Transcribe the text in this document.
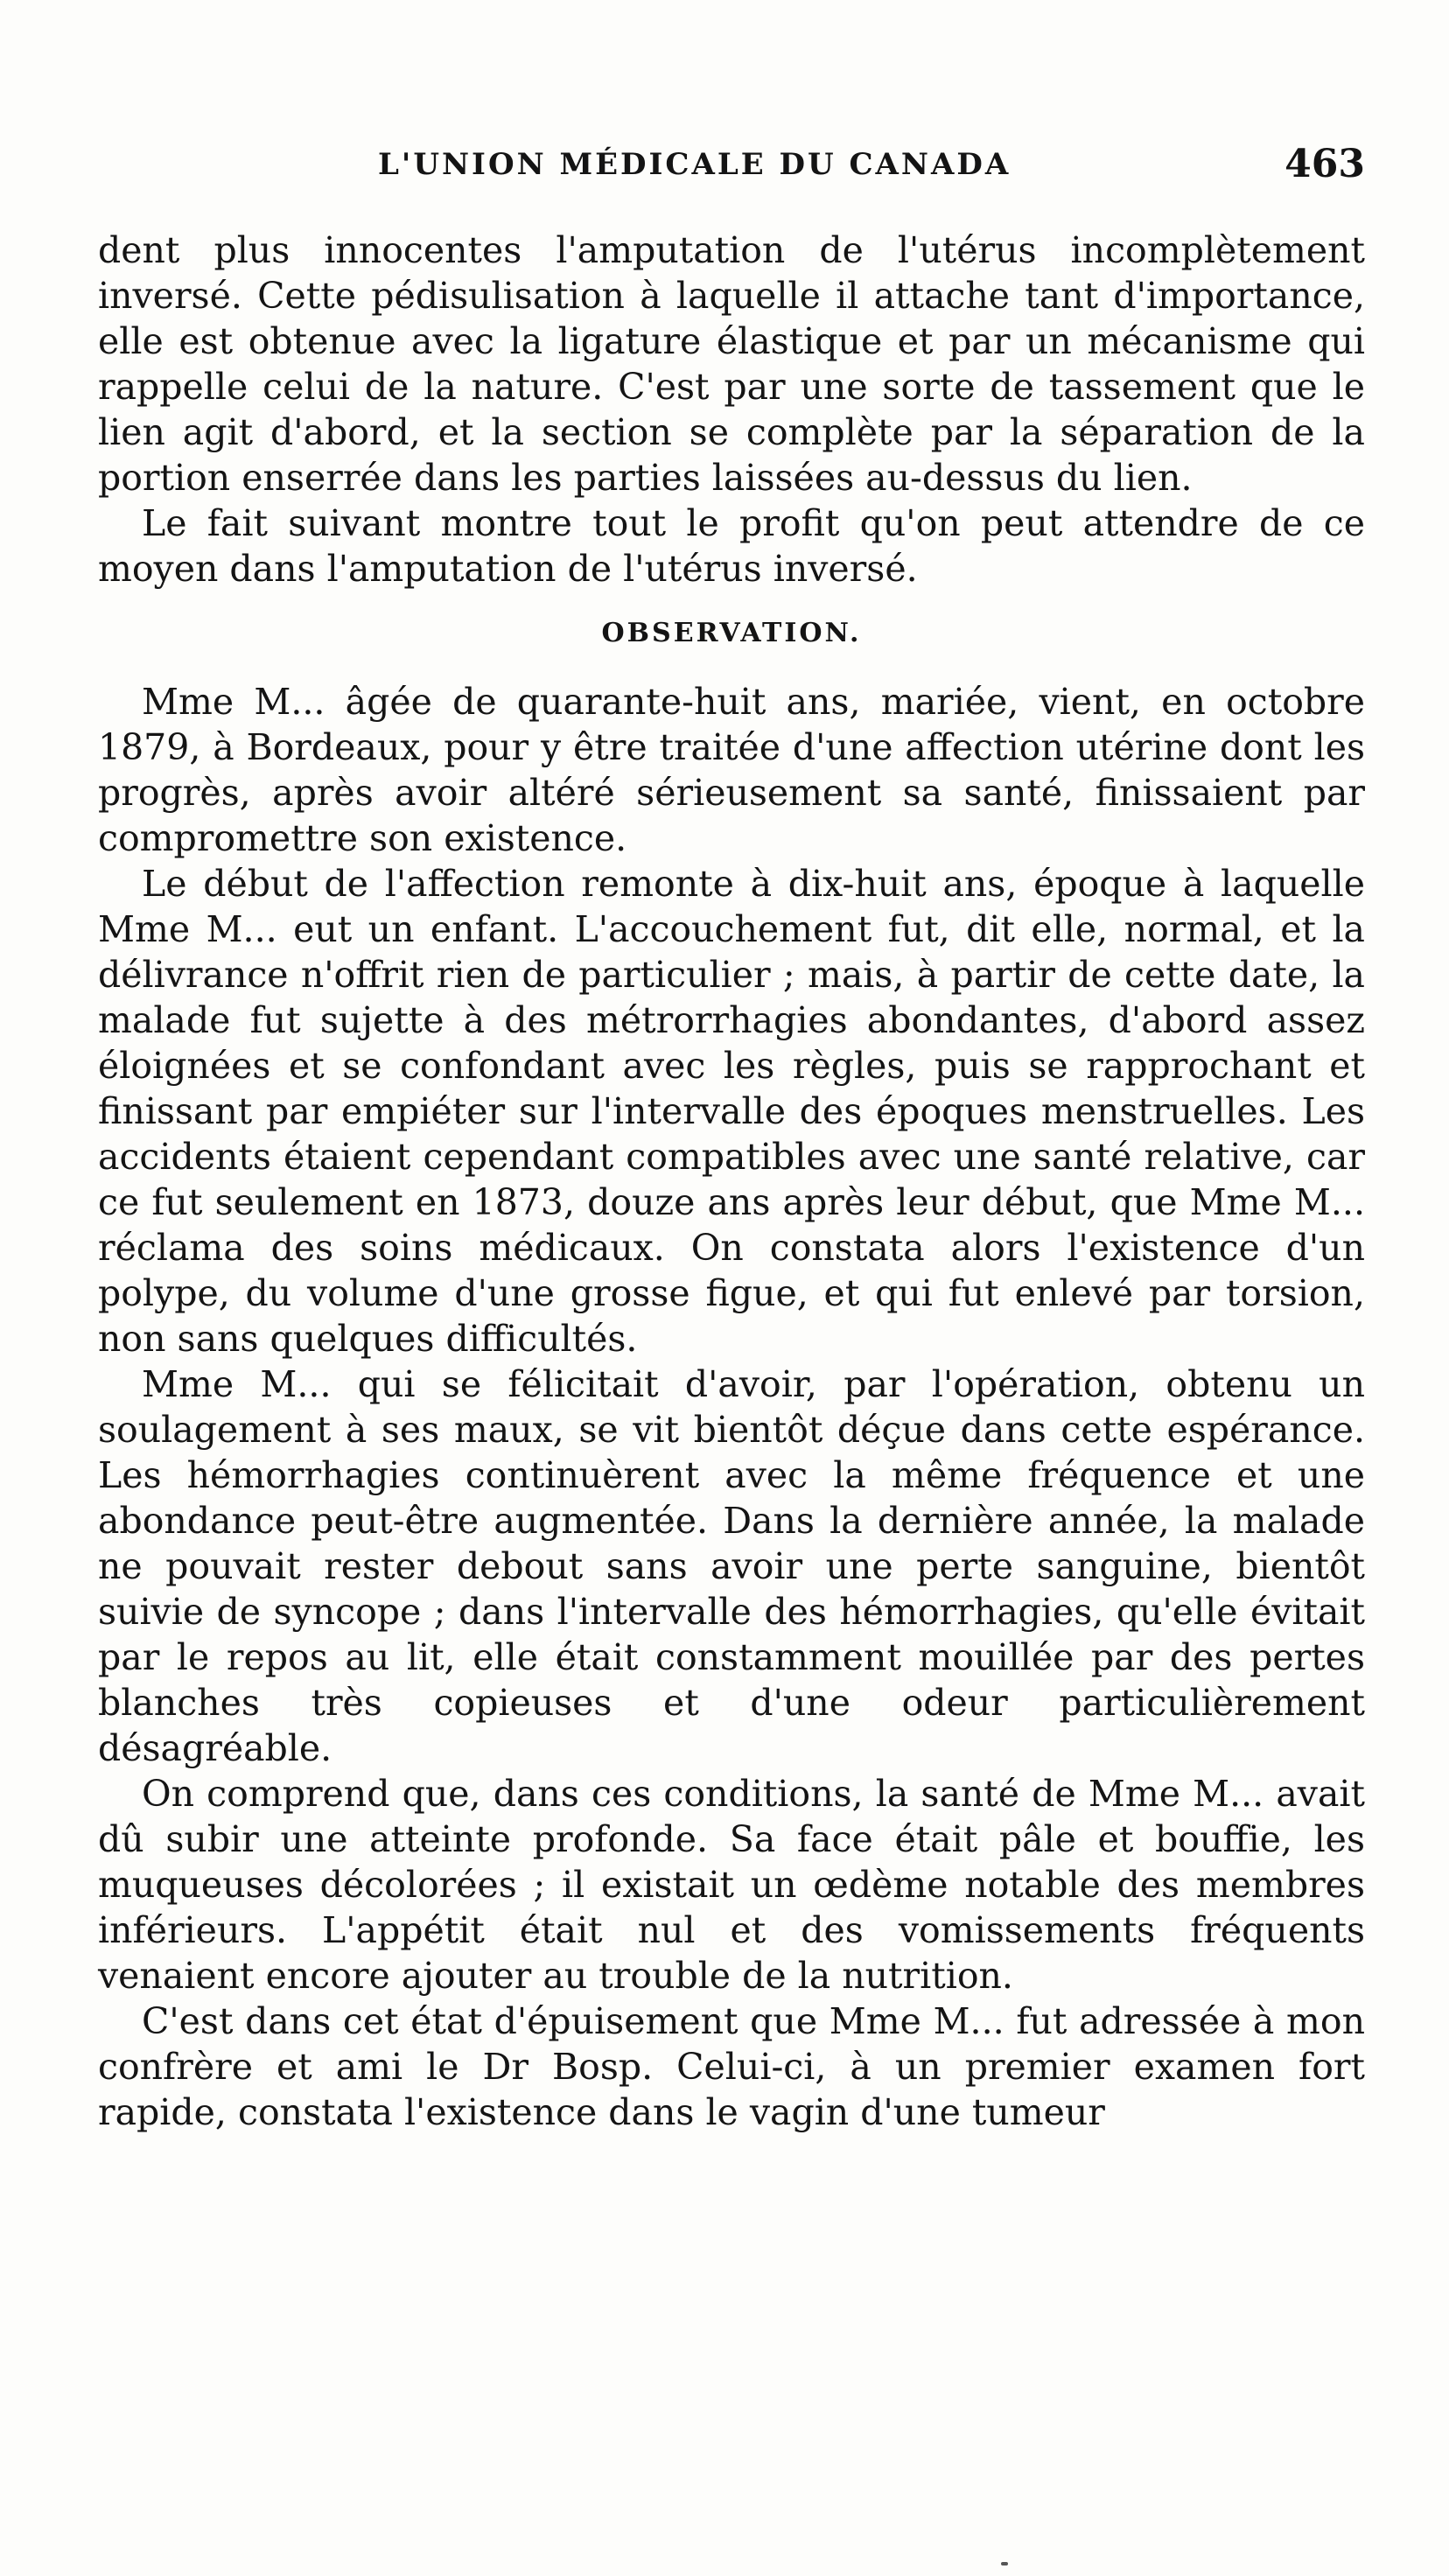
L'UNION MÉDICALE DU CANADA	463

dent plus innocentes l'amputation de l'utérus incomplètement inversé. Cette pédisulisation à laquelle il attache tant d'importance, elle est obtenue avec la ligature élastique et par un mécanisme qui rappelle celui de la nature. C'est par une sorte de tassement que le lien agit d'abord, et la section se complète par la séparation de la portion enserrée dans les parties laissées au-dessus du lien.

Le fait suivant montre tout le profit qu'on peut attendre de ce moyen dans l'amputation de l'utérus inversé.

OBSERVATION.

Mme M... âgée de quarante-huit ans, mariée, vient, en octobre 1879, à Bordeaux, pour y être traitée d'une affection utérine dont les progrès, après avoir altéré sérieusement sa santé, finissaient par compromettre son existence.

Le début de l'affection remonte à dix-huit ans, époque à laquelle Mme M... eut un enfant. L'accouchement fut, dit elle, normal, et la délivrance n'offrit rien de particulier ; mais, à partir de cette date, la malade fut sujette à des métrorrhagies abondantes, d'abord assez éloignées et se confondant avec les règles, puis se rapprochant et finissant par empiéter sur l'intervalle des époques menstruelles. Les accidents étaient cependant compatibles avec une santé relative, car ce fut seulement en 1873, douze ans après leur début, que Mme M... réclama des soins médicaux. On constata alors l'existence d'un polype, du volume d'une grosse figue, et qui fut enlevé par torsion, non sans quelques difficultés.

Mme M... qui se félicitait d'avoir, par l'opération, obtenu un soulagement à ses maux, se vit bientôt déçue dans cette espérance. Les hémorrhagies continuèrent avec la même fréquence et une abondance peut-être augmentée. Dans la dernière année, la malade ne pouvait rester debout sans avoir une perte sanguine, bientôt suivie de syncope ; dans l'intervalle des hémorrhagies, qu'elle évitait par le repos au lit, elle était constamment mouillée par des pertes blanches très copieuses et d'une odeur particulièrement désagréable.

On comprend que, dans ces conditions, la santé de Mme M... avait dû subir une atteinte profonde. Sa face était pâle et bouffie, les muqueuses décolorées ; il existait un œdème notable des membres inférieurs. L'appétit était nul et des vomissements fréquents venaient encore ajouter au trouble de la nutrition.

C'est dans cet état d'épuisement que Mme M... fut adressée à mon confrère et ami le Dr Bosp. Celui-ci, à un premier examen fort rapide, constata l'existence dans le vagin d'une tumeur
